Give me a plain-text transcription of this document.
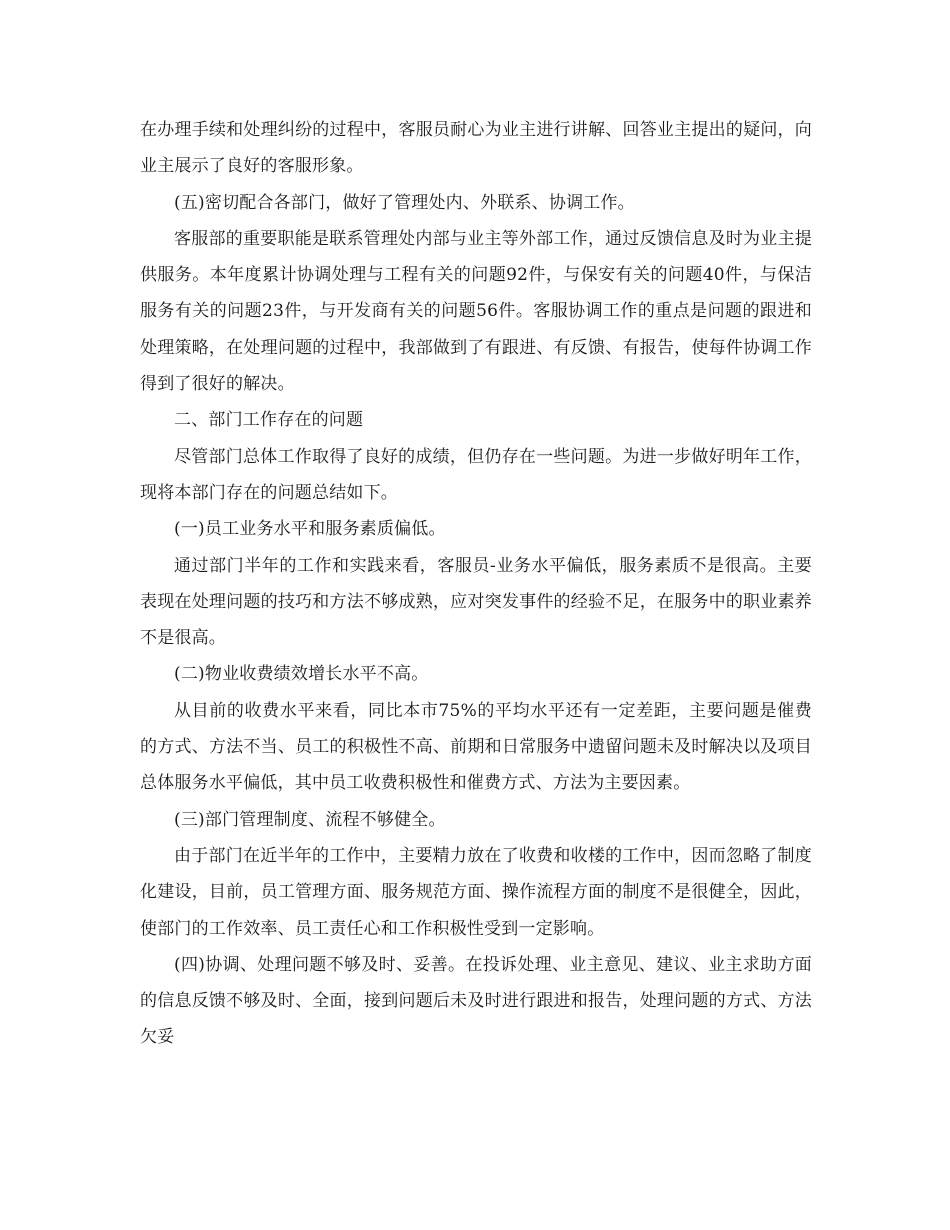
在办理手续和处理纠纷的过程中，客服员耐心为业主进行讲解、回答业主提出的疑问，向业主展示了良好的客服形象。

(五)密切配合各部门，做好了管理处内、外联系、协调工作。

客服部的重要职能是联系管理处内部与业主等外部工作，通过反馈信息及时为业主提供服务。本年度累计协调处理与工程有关的问题92件，与保安有关的问题40件，与保洁服务有关的问题23件，与开发商有关的问题56件。客服协调工作的重点是问题的跟进和处理策略，在处理问题的过程中，我部做到了有跟进、有反馈、有报告，使每件协调工作得到了很好的解决。

二、部门工作存在的问题

尽管部门总体工作取得了良好的成绩，但仍存在一些问题。为进一步做好明年工作，现将本部门存在的问题总结如下。

(一)员工业务水平和服务素质偏低。

通过部门半年的工作和实践来看，客服员-业务水平偏低，服务素质不是很高。主要表现在处理问题的技巧和方法不够成熟，应对突发事件的经验不足，在服务中的职业素养不是很高。

(二)物业收费绩效增长水平不高。

从目前的收费水平来看，同比本市75%的平均水平还有一定差距，主要问题是催费的方式、方法不当、员工的积极性不高、前期和日常服务中遗留问题未及时解决以及项目总体服务水平偏低，其中员工收费积极性和催费方式、方法为主要因素。

(三)部门管理制度、流程不够健全。

由于部门在近半年的工作中，主要精力放在了收费和收楼的工作中，因而忽略了制度化建设，目前，员工管理方面、服务规范方面、操作流程方面的制度不是很健全，因此，使部门的工作效率、员工责任心和工作积极性受到一定影响。

(四)协调、处理问题不够及时、妥善。在投诉处理、业主意见、建议、业主求助方面的信息反馈不够及时、全面，接到问题后未及时进行跟进和报告，处理问题的方式、方法欠妥
